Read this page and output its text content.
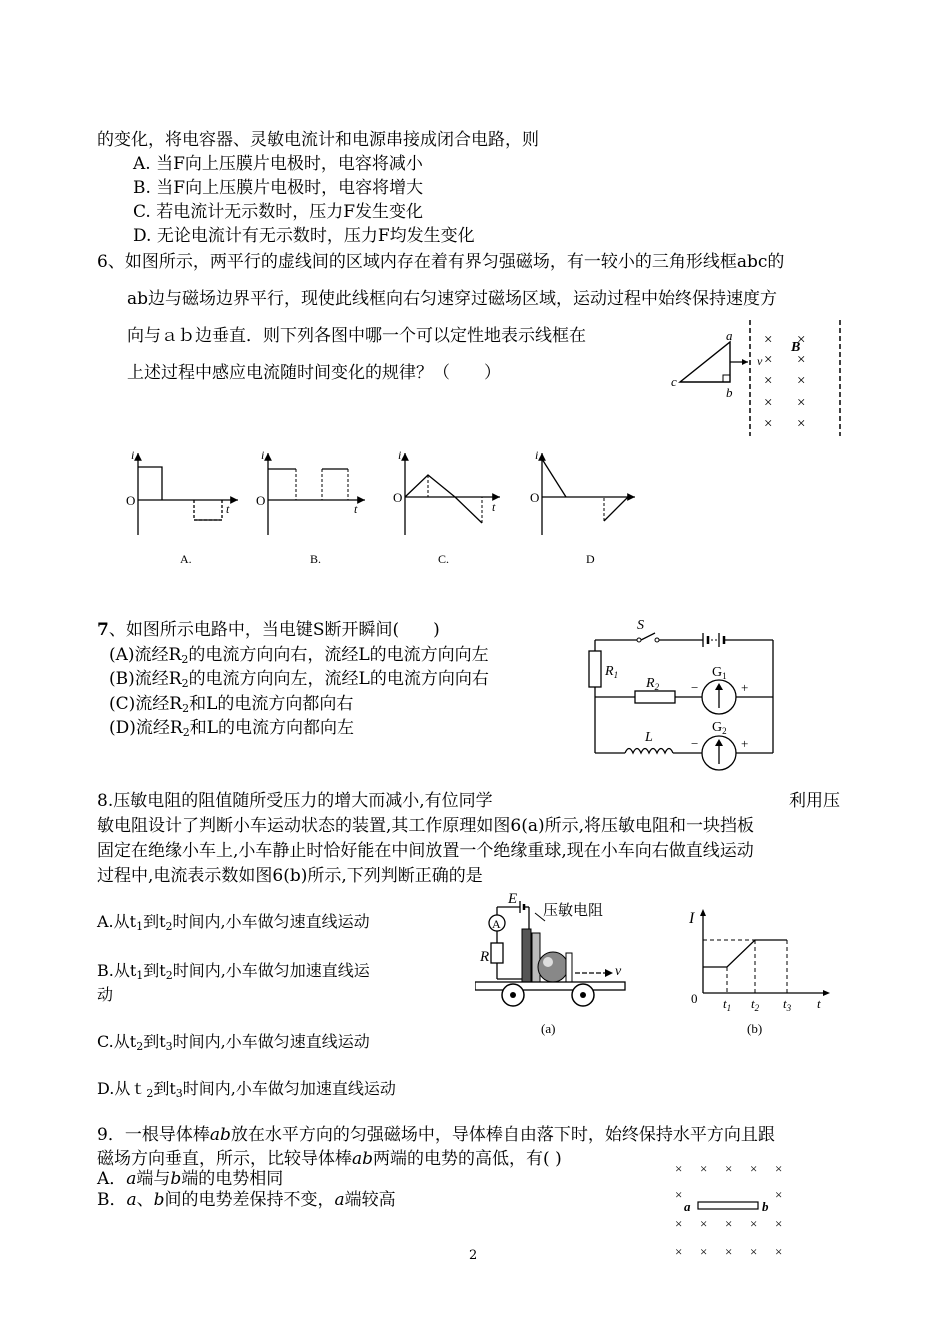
的变化，将电容器、灵敏电流计和电源串接成闭合电路，则
A. 当F向上压膜片电极时，电容将减小
B. 当F向上压膜片电极时，电容将增大
C. 若电流计无示数时，压力F发生变化
D. 无论电流计有无示数时，压力F均发生变化
6、如图所示，两平行的虚线间的区域内存在着有界匀强磁场，有一较小的三角形线框abc的
ab边与磁场边界平行，现使此线框向右匀速穿过磁场区域，运动过程中始终保持速度方
向与ａｂ边垂直．则下列各图中哪一个可以定性地表示线框在
上述过程中感应电流随时间变化的规律？（　　）
a
b
c
v
B
× ×
× ×
× ×
× ×
× ×
i
t
O
A.
i
t
O
B.
i
t
O
C.
i
O
D
7、如图所示电路中，当电键S断开瞬间(　　)
(A)流经$R_2$的电流方向向右，流经L的电流方向向左
(B)流经$R_2$的电流方向向左，流经L的电流方向向右
(C)流经$R_2$和L的电流方向都向右
(D)流经$R_2$和L的电流方向都向左
S
$R_1$
$R_2$
$G_1$
−	+
L
$G_2$
−	+
8.压敏电阻的阻值随所受压力的增大而减小,有位同学	利用压
敏电阻设计了判断小车运动状态的装置,其工作原理如图6(a)所示,将压敏电阻和一块挡板
固定在绝缘小车上,小车静止时恰好能在中间放置一个绝缘重球,现在小车向右做直线运动
过程中,电流表示数如图6(b)所示,下列判断正确的是
A.从$t_1$到$t_2$时间内,小车做匀速直线运动
B.从$t_1$到$t_2$时间内,小车做匀加速直线运
动
C.从$t_2$到$t_3$时间内,小车做匀速直线运动
D.从ｔ$_2$到$t_3$时间内,小车做匀加速直线运动
A
E
R
压敏电阻
v
(a)
I
0 $t_1$ $t_2$ $t_3$ t
(b)
9．一根导体棒ab放在水平方向的匀强磁场中，导体棒自由落下时，始终保持水平方向且跟
磁场方向垂直，所示，比较导体棒ab两端的电势的高低，有( )
A．a端与b端的电势相同
B．a、b间的电势差保持不变，a端较高
× × × × ×
×	×
× × × × ×
× × × × ×
a	b
2
